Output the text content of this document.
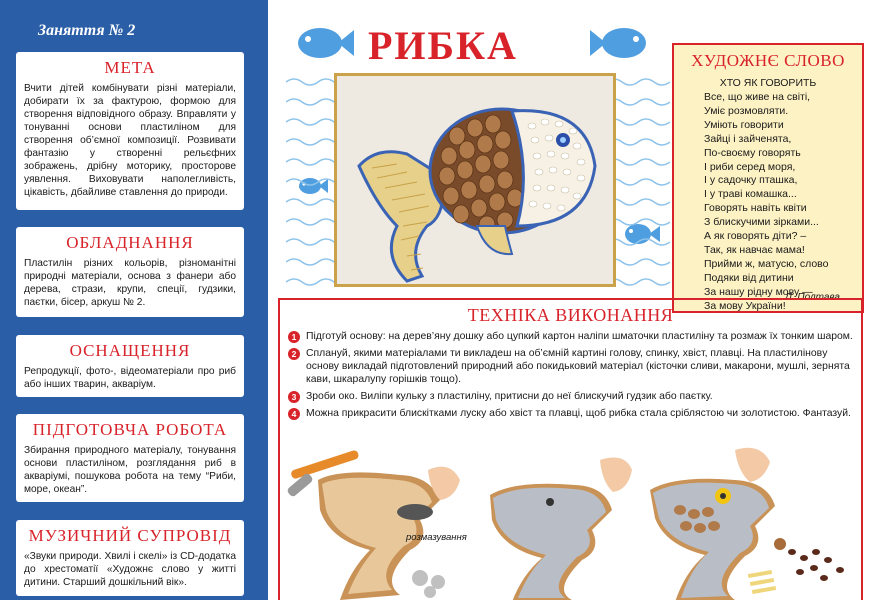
Заняття № 2
МЕТА

Вчити дітей комбінувати різні матеріали, добирати їх за фактурою, формою для створення відповідного образу. Вправляти у тонуванні основи пластиліном для створення об’ємної композиції. Розвивати фантазію у створенні рельєфних зображень, дрібну моторику, просторове уявлення. Виховувати наполегливість, цікавість, дбайливе ставлення до природи.

ОБЛАДНАННЯ

Пластилін різних кольорів, різноманітні природні матеріали, основа з фанери або дерева, стрази, крупи, спеції, гудзики, паєтки, бісер, аркуш № 2.

ОСНАЩЕННЯ

Репродукції, фото-, відеоматеріали про риб або інших тварин, акваріум.

ПІДГОТОВЧА РОБОТА

Збирання природного матеріалу, тонування основи пластиліном, розглядання риб в акваріумі, пошукова робота на тему “Риби, море, океан”.

МУЗИЧНИЙ СУПРОВІД

«Звуки природи. Хвилі і скелі» із CD-додатка до хрестоматії «Художнє слово у житті дитини. Старший дошкільний вік».

РИБКА	ХУДОЖНЄ СЛОВО
ХТО ЯК ГОВОРИТЬ
Все, що живе на світі,
Уміє розмовляти.
Уміють говорити
Зайці і зайченята,
По-своєму говорять
І риби серед моря,
І у садочку пташка,
І у траві комашка...
Говорять навіть квіти
З блискучими зірками...
А як говорять діти? –
Так, як навчає мама!
Прийми ж, матусю, слово
Подяки від дитини
За нашу рідну мову —
За мову України!
Л. Полтава
ТЕХНІКА ВИКОНАННЯ
1 Підготуй основу: на дерев’яну дошку або цупкий картон наліпи шматочки пластиліну та розмаж їх тонким шаром.
2 Сплануй, якими матеріалами ти викладеш на об’ємній картині голову, спинку, хвіст, плавці. На пластиліновy основу викладай підготовлений природний або покидьковий матеріал (кісточки сливи, макарони, мушлі, зернята кави, шкаралупу горішків тощо).
3 Зроби око. Виліпи кульку з пластиліну, притисни до неї блискучий гудзик або паєтку.
4 Можна прикрасити блискітками луску або хвіст та плавці, щоб рибка стала сріблястою чи золотистою. Фантазуй.
розмазування
